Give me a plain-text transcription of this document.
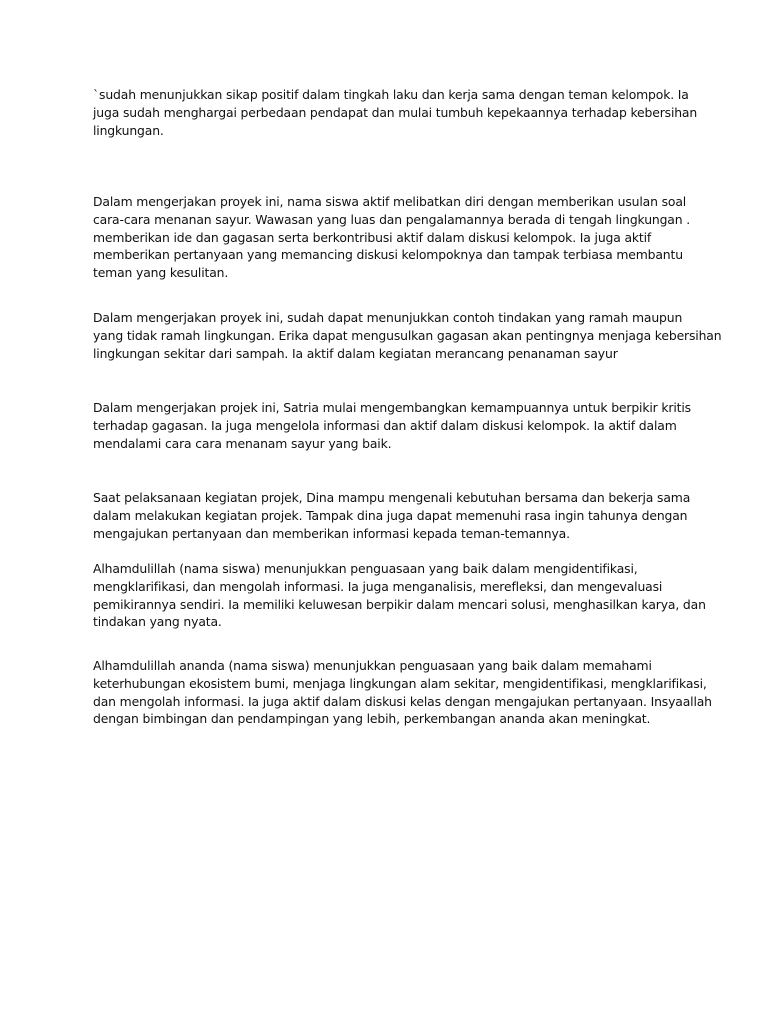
`sudah menunjukkan sikap positif dalam tingkah laku dan kerja sama dengan teman kelompok. Ia
juga sudah menghargai perbedaan pendapat dan mulai tumbuh kepekaannya terhadap kebersihan
lingkungan.

Dalam mengerjakan proyek ini, nama siswa aktif melibatkan diri dengan memberikan usulan soal
cara-cara menanan sayur. Wawasan yang luas dan pengalamannya berada di tengah lingkungan .
memberikan ide dan gagasan serta berkontribusi aktif dalam diskusi kelompok. Ia juga aktif
memberikan pertanyaan yang memancing diskusi kelompoknya dan tampak terbiasa membantu
teman yang kesulitan.

Dalam mengerjakan proyek ini, sudah dapat menunjukkan contoh tindakan yang ramah maupun
yang tidak ramah lingkungan. Erika dapat mengusulkan gagasan akan pentingnya menjaga kebersihan
lingkungan sekitar dari sampah. Ia aktif dalam kegiatan merancang penanaman sayur

Dalam mengerjakan projek ini, Satria mulai mengembangkan kemampuannya untuk berpikir kritis
terhadap gagasan. Ia juga mengelola informasi dan aktif dalam diskusi kelompok. Ia aktif dalam
mendalami cara cara menanam sayur yang baik.

Saat pelaksanaan kegiatan projek, Dina mampu mengenali kebutuhan bersama dan bekerja sama
dalam melakukan kegiatan projek. Tampak dina juga dapat memenuhi rasa ingin tahunya dengan
mengajukan pertanyaan dan memberikan informasi kepada teman-temannya.

Alhamdulillah (nama siswa) menunjukkan penguasaan yang baik dalam mengidentifikasi,
mengklarifikasi, dan mengolah informasi. Ia juga menganalisis, merefleksi, dan mengevaluasi
pemikirannya sendiri. Ia memiliki keluwesan berpikir dalam mencari solusi, menghasilkan karya, dan
tindakan yang nyata.

Alhamdulillah ananda (nama siswa) menunjukkan penguasaan yang baik dalam memahami
keterhubungan ekosistem bumi, menjaga lingkungan alam sekitar, mengidentifikasi, mengklarifikasi,
dan mengolah informasi. Ia juga aktif dalam diskusi kelas dengan mengajukan pertanyaan. Insyaallah
dengan bimbingan dan pendampingan yang lebih, perkembangan ananda akan meningkat.
